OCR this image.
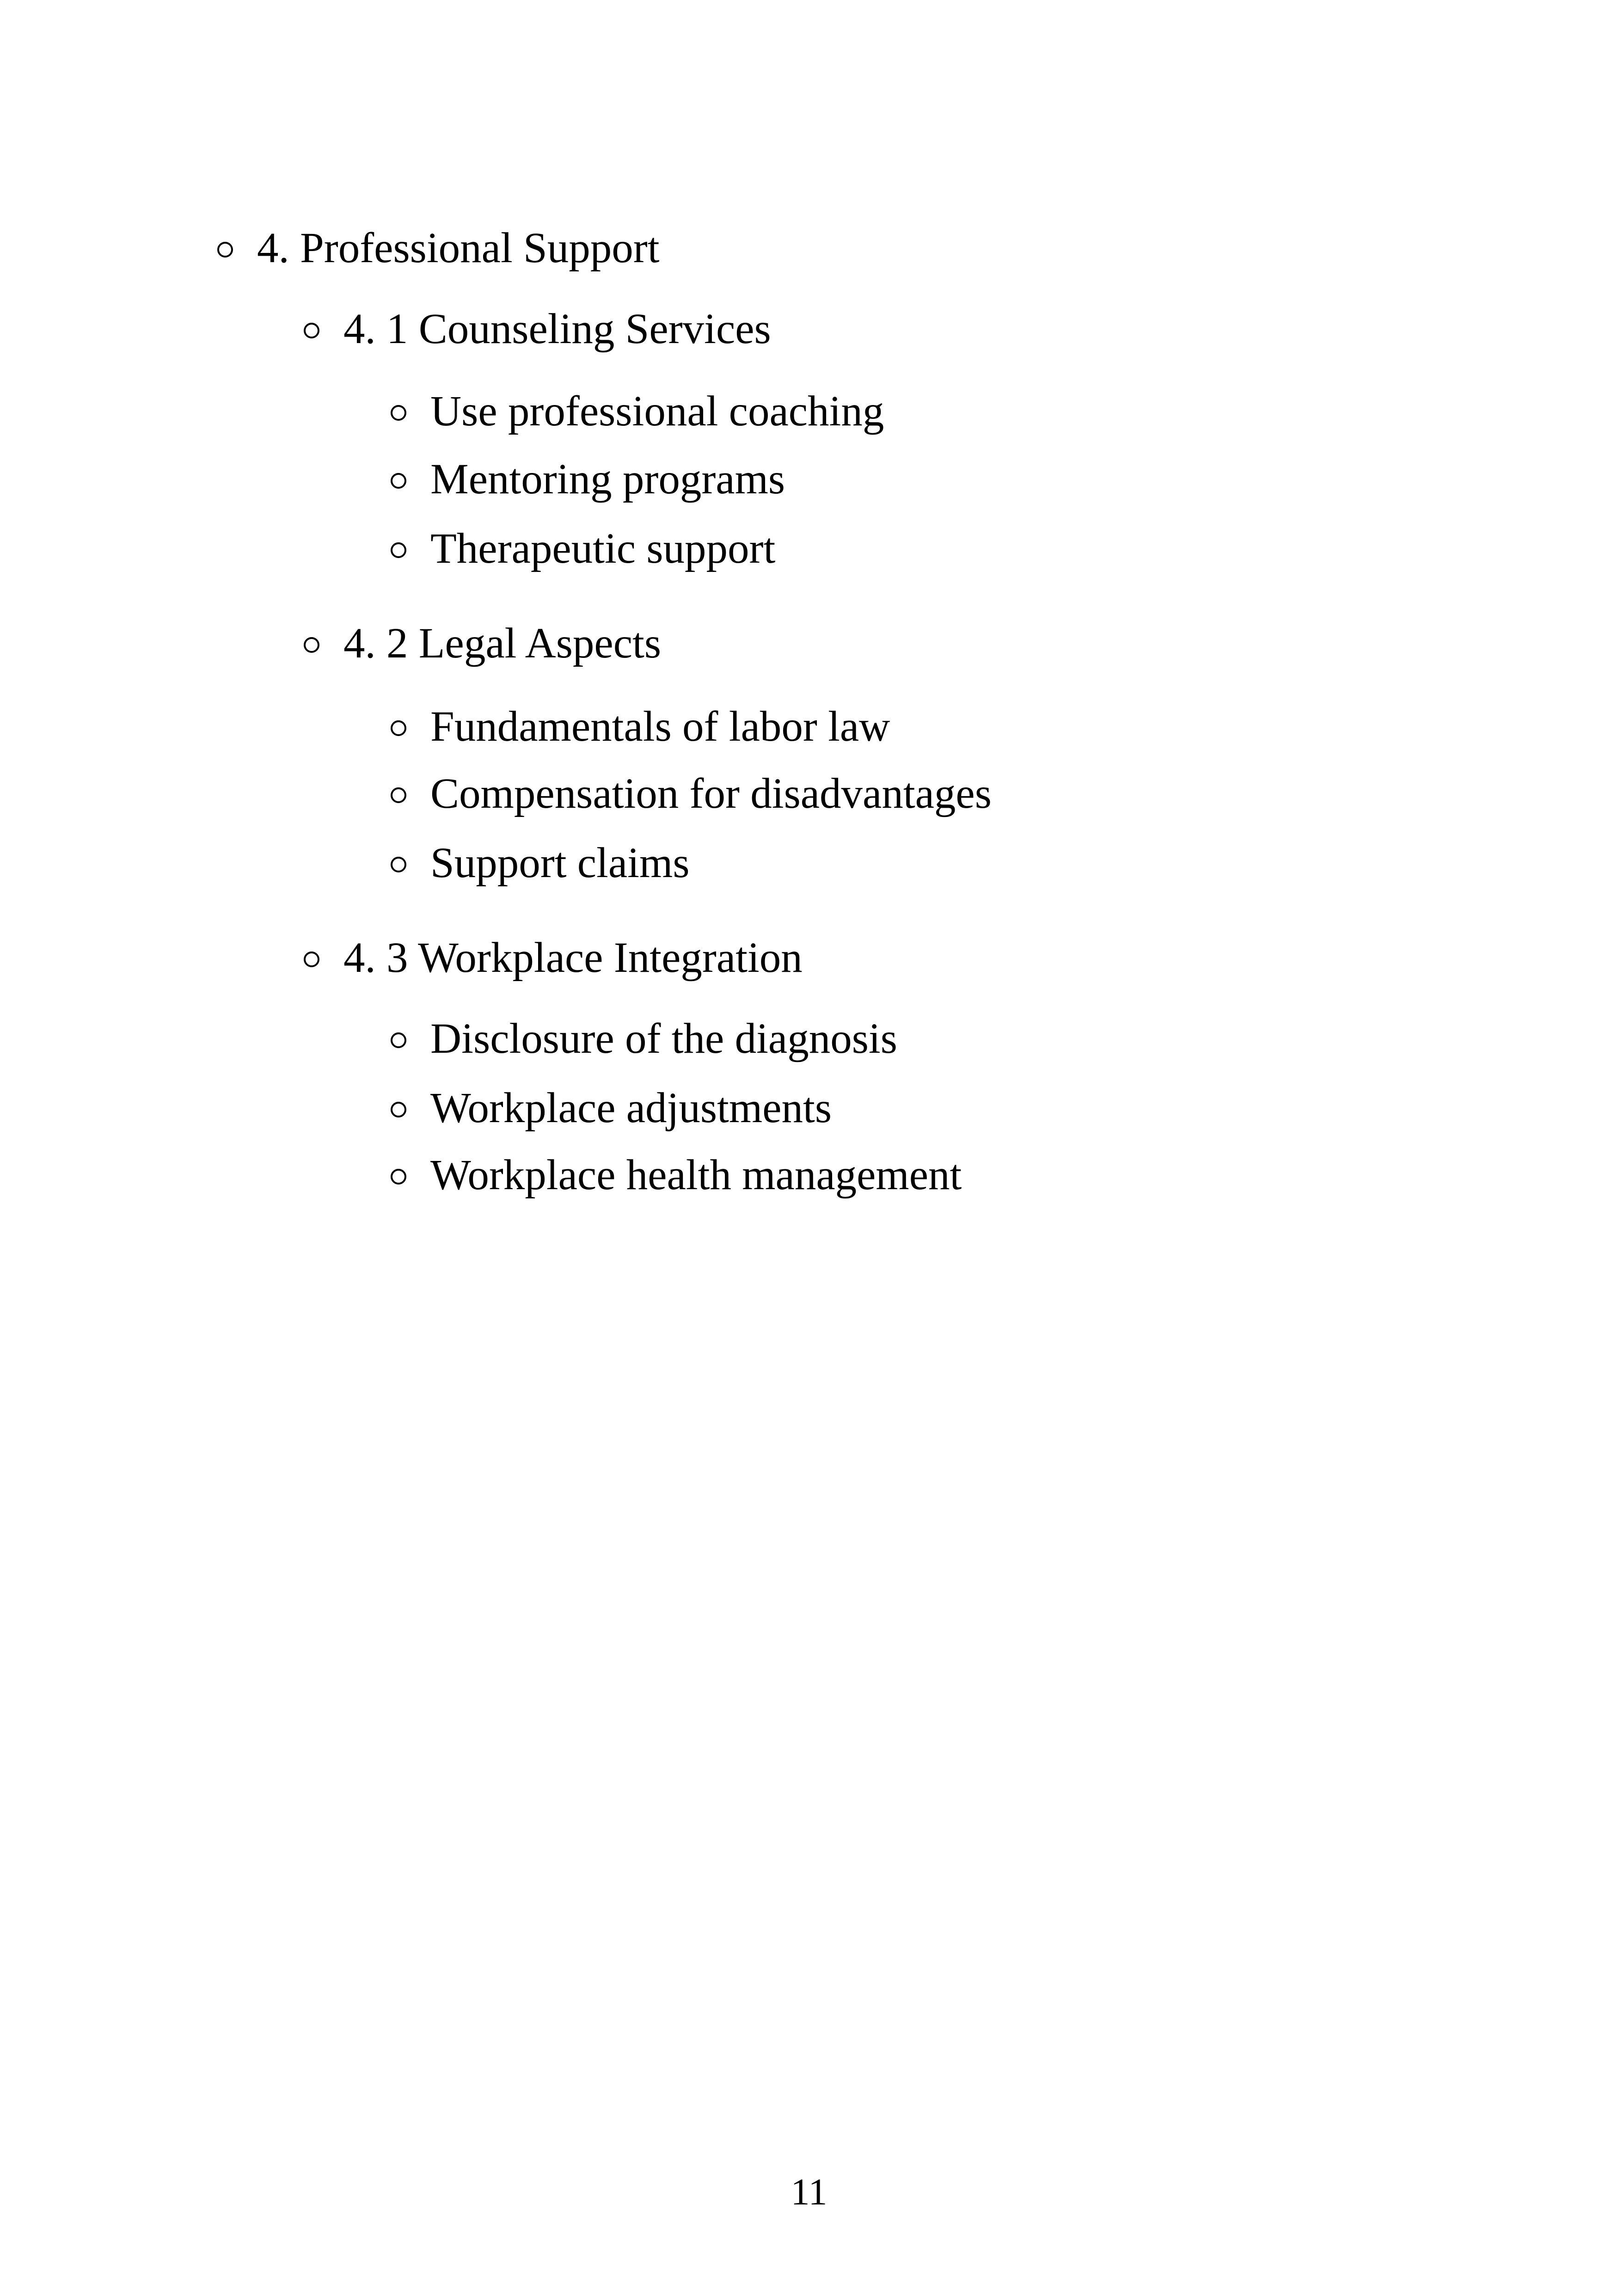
4. Professional Support
4. 1 Counseling Services
Use professional coaching
Mentoring programs
Therapeutic support
4. 2 Legal Aspects
Fundamentals of labor law
Compensation for disadvantages
Support claims
4. 3 Workplace Integration
Disclosure of the diagnosis
Workplace adjustments
Workplace health management
11
